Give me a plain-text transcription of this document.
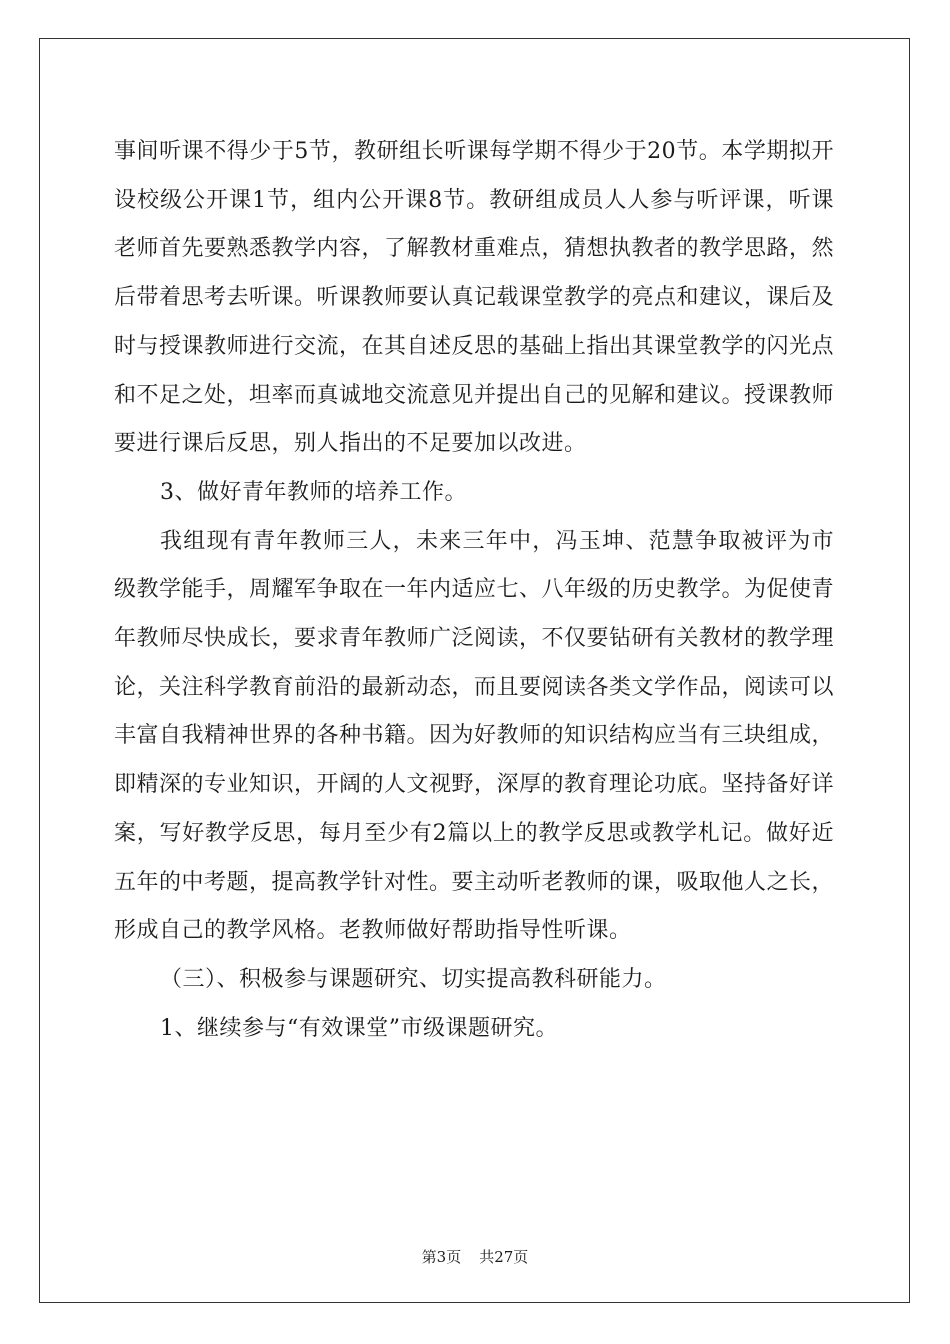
事间听课不得少于5节，教研组长听课每学期不得少于20节。本学期拟开设校级公开课1节，组内公开课8节。教研组成员人人参与听评课，听课老师首先要熟悉教学内容，了解教材重难点，猜想执教者的教学思路，然后带着思考去听课。听课教师要认真记载课堂教学的亮点和建议，课后及时与授课教师进行交流，在其自述反思的基础上指出其课堂教学的闪光点和不足之处，坦率而真诚地交流意见并提出自己的见解和建议。授课教师要进行课后反思，别人指出的不足要加以改进。

3、做好青年教师的培养工作。

我组现有青年教师三人，未来三年中，冯玉坤、范慧争取被评为市级教学能手，周耀军争取在一年内适应七、八年级的历史教学。为促使青年教师尽快成长，要求青年教师广泛阅读，不仅要钻研有关教材的教学理论，关注科学教育前沿的最新动态，而且要阅读各类文学作品，阅读可以丰富自我精神世界的各种书籍。因为好教师的知识结构应当有三块组成，即精深的专业知识，开阔的人文视野，深厚的教育理论功底。坚持备好详案，写好教学反思，每月至少有2篇以上的教学反思或教学札记。做好近五年的中考题，提高教学针对性。要主动听老教师的课，吸取他人之长，形成自己的教学风格。老教师做好帮助指导性听课。

（三）、积极参与课题研究、切实提高教科研能力。

1、继续参与“有效课堂”市级课题研究。

第3页 共27页
